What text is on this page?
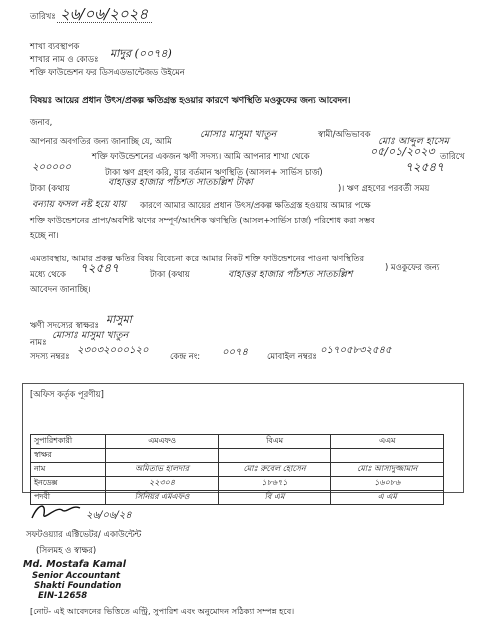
তারিখঃ ২৬/০৬/২০২৪
শাখা ব্যবস্থাপক
শাখার নাম ও কোডঃ মাদুর (০০৭৪)
শক্তি ফাউন্ডেশন ফর ডিসএডভান্টেজড উইমেন
বিষয়ঃ আয়ের প্রধান উৎস/প্রকল্প ক্ষতিগ্রস্ত হওয়ার কারণে ঋণস্থিতি মওকুফের জন্য আবেদন।
জনাব,
আপনার অবগতির জন্য জানাচ্ছি যে, আমি
মোসাঃ মাসুমা খাতুন	স্বামী/অভিভাবক
মোঃ আব্দুল হাসেম
শক্তি ফাউন্ডেশনের একজন ঋণী সদস্য। আমি আপনার শাখা থেকে	০৫/০১/২০২৩ তারিখে
২০০০০০	টাকা ঋণ গ্রহণ করি, যার বর্তমান ঋণস্থিতি (আসল+ সার্ভিস চার্জ)	৭২৫৪৭
টাকা (কথায়	বাহাত্তর হাজার পাঁচশত সাতচল্লিশ টাকা	)। ঋণ গ্রহণের পরবর্তী সময়
বন্যায় ফসল নষ্ট হয়ে যায় কারণে আমার আয়ের প্রধান উৎস/প্রকল্প ক্ষতিগ্রস্ত হওয়ায় আমার পক্ষে
শক্তি ফাউন্ডেশনের প্রাপ্য/অবশিষ্ট ঋণের সম্পূর্ণ/আংশিক ঋণস্থিতি (আসল+সার্ভিস চার্জ) পরিশোধ করা সম্ভব
হচ্ছে না।
এমতাবস্থায়, আমার প্রকল্প ক্ষতির বিষয় বিবেচনা করে আমার নিকট শক্তি ফাউন্ডেশনের পাওনা ঋণস্থিতির
মধ্যে থেকে ৭২৫৪৭	টাকা (কথায়	বাহাত্তর হাজার পাঁচশত সাতচল্লিশ
) মওকুফের জন্য
আবেদন জানাচ্ছি।
ঋণী সদস্যের স্বাক্ষরঃ মাসুমা
নামঃ
মোসাঃ মাসুমা খাতুন
সদস্য নম্বরঃ ২৩০৩২০০০১২০	কেন্দ্র নং: ০০৭৪ মোবাইল নম্বরঃ ০১৭০৫৮৩২৫৪৫
[অফিস কর্তৃক পূরণীয়]
সুপারিশকারী	এমএফও	বিএম	এএম
স্বাক্ষর			
নাম	অমিতাভ হালদার	মোঃ রুবেল হোসেন	মোঃ আসাদুজ্জামান
ইনডেক্স	২২৩০৪	১৮৬৭১	১৬০৮৬
পদবী	সিনিয়র এমএফও	বি এম	এ এম
২৬/০৬/২৪
সফটওয়্যার এক্টিভেটর/ একাউন্টেন্ট
(সিলমহ ও স্বাক্ষর)
Md. Mostafa Kamal
Senior Accountant
Shakti Foundation
EIN-12658
[নোট- এই আবেদনের ভিত্তিতে এন্ট্রি, সুপারিশ এবং অনুমোদন সঠিক্যা সম্পন্ন হবে।
